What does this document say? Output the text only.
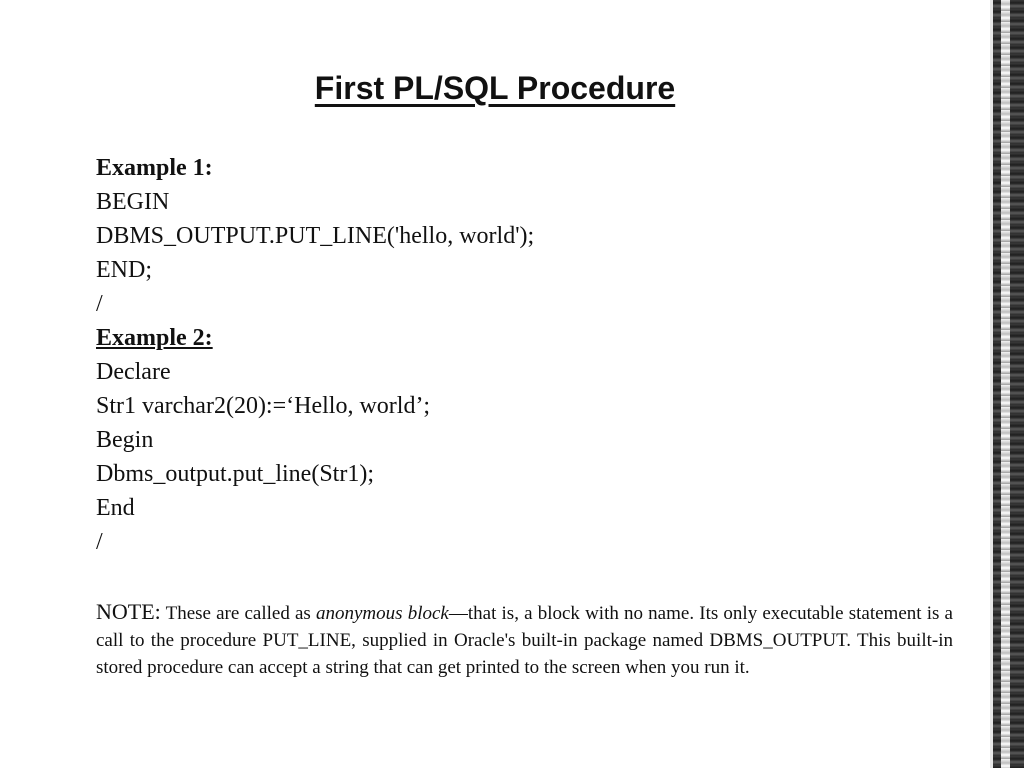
First PL/SQL Procedure
Example 1:
BEGIN
DBMS_OUTPUT.PUT_LINE('hello, world');
END;
/
Example 2:
Declare
Str1 varchar2(20):=‘Hello, world’;
Begin
Dbms_output.put_line(Str1);
End
/

NOTE: These are called as anonymous block—that is, a block with no name. Its only executable statement is a call to the procedure PUT_LINE, supplied in Oracle's built-in package named DBMS_OUTPUT. This built-in stored procedure can accept a string that can get printed to the screen when you run it.
